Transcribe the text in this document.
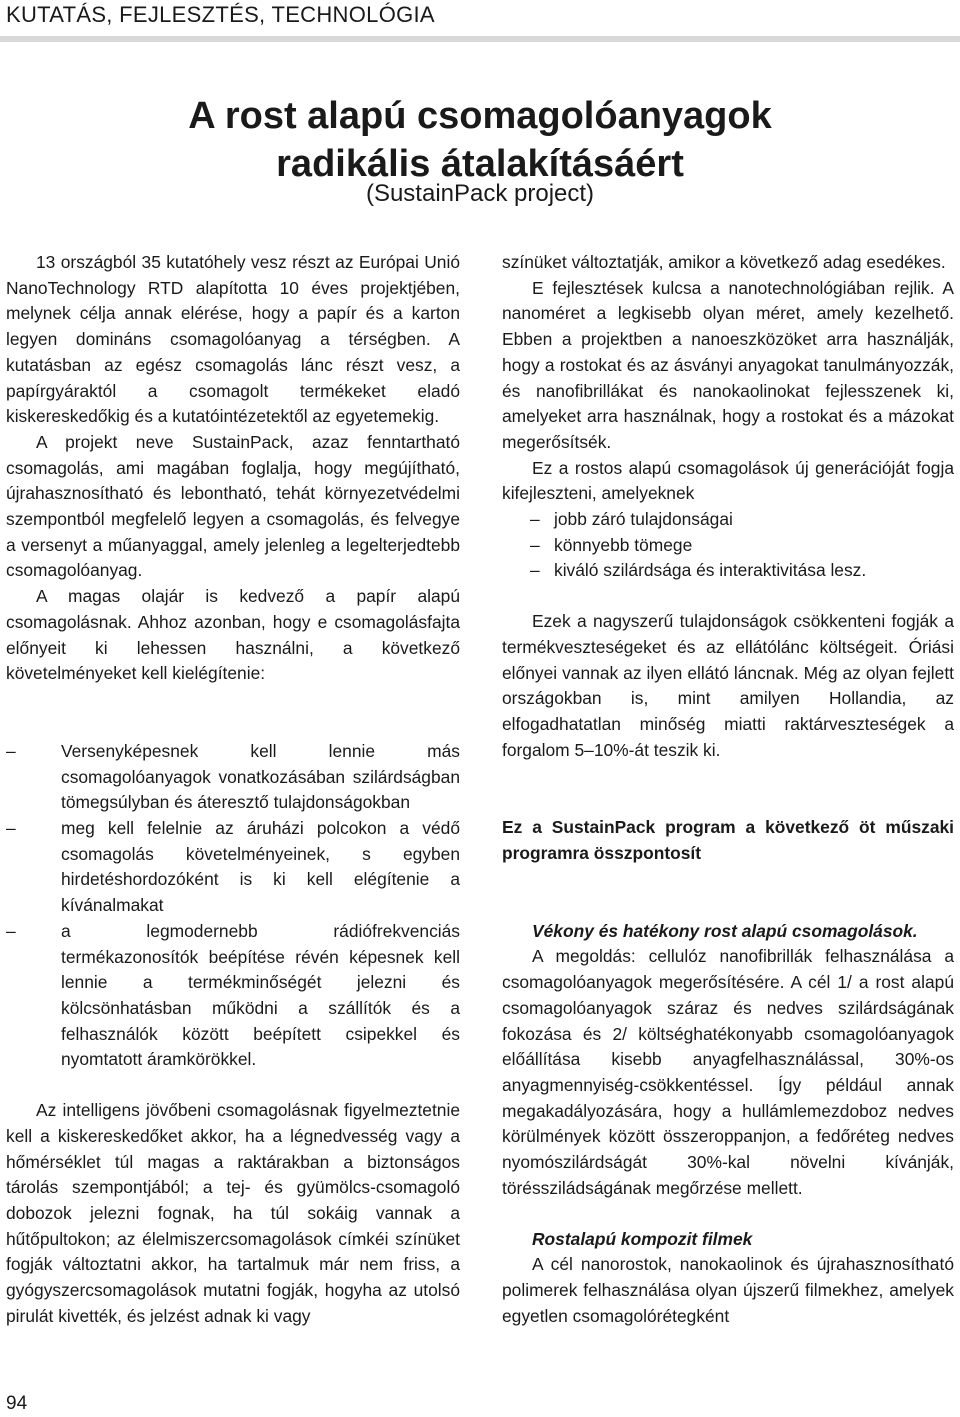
KUTATÁS, FEJLESZTÉS, TECHNOLÓGIA
A rost alapú csomagolóanyagok
radikális átalakításáért
(SustainPack project)

13 országból 35 kutatóhely vesz részt az Európai Unió NanoTechnology RTD alapította 10 éves projektjében, melynek célja annak elérése, hogy a papír és a karton legyen domináns csomagolóanyag a térségben. A kutatásban az egész csomagolás lánc részt vesz, a papírgyáraktól a csomagolt termékeket eladó kiskereskedőkig és a kutatóintézetektől az egyetemekig.

A projekt neve SustainPack, azaz fenntartható csomagolás, ami magában foglalja, hogy megújítható, újrahasznosítható és lebontható, tehát környezetvédelmi szempontból megfelelő legyen a csomagolás, és felvegye a versenyt a műanyaggal, amely jelenleg a legelterjedtebb csomagolóanyag.

A magas olajár is kedvező a papír alapú csomagolásnak. Ahhoz azonban, hogy e csomagolásfajta előnyeit ki lehessen használni, a következő követelményeket kell kielégítenie:

– Versenyképesnek kell lennie más csomagolóanyagok vonatkozásában szilárdságban tömegsúlyban és áteresztő tulajdonságokban

– meg kell felelnie az áruházi polcokon a védő csomagolás követelményeinek, s egyben hirdetéshordozóként is ki kell elégítenie a kívánalmakat

– a legmodernebb rádiófrekvenciás termékazonosítók beépítése révén képesnek kell lennie a termékminőségét jelezni és kölcsönhatásban működni a szállítók és a felhasználók között beépített csipekkel és nyomtatott áramkörökkel.

Az intelligens jövőbeni csomagolásnak figyelmeztetnie kell a kiskereskedőket akkor, ha a légnedvesség vagy a hőmérséklet túl magas a raktárakban a biztonságos tárolás szempontjából; a tej- és gyümölcs-csomagoló dobozok jelezni fognak, ha túl sokáig vannak a hűtőpultokon; az élelmiszercsomagolások címkéi színüket fogják változtatni akkor, ha tartalmuk már nem friss, a gyógyszercsomagolások mutatni fogják, hogyha az utolsó pirulát kivették, és jelzést adnak ki vagy

színüket változtatják, amikor a következő adag esedékes.

E fejlesztések kulcsa a nanotechnológiában rejlik. A nanoméret a legkisebb olyan méret, amely kezelhető. Ebben a projektben a nanoeszközöket arra használják, hogy a rostokat és az ásványi anyagokat tanulmányozzák, és nanofibrillákat és nanokaolinokat fejlesszenek ki, amelyeket arra használnak, hogy a rostokat és a mázokat megerősítsék.

Ez a rostos alapú csomagolások új generációját fogja kifejleszteni, amelyeknek

– jobb záró tulajdonságai

– könnyebb tömege

– kiváló szilárdsága és interaktivitása lesz.

Ezek a nagyszerű tulajdonságok csökkenteni fogják a termékveszteségeket és az ellátólánc költségeit. Óriási előnyei vannak az ilyen ellátó láncnak. Még az olyan fejlett országokban is, mint amilyen Hollandia, az elfogadhatatlan minőség miatti raktárveszteségek a forgalom 5–10%-át teszik ki.

Ez a SustainPack program a következő öt műszaki programra összpontosít

Vékony és hatékony rost alapú csomagolások.

A megoldás: cellulóz nanofibrillák felhasználása a csomagolóanyagok megerősítésére. A cél 1/ a rost alapú csomagolóanyagok száraz és nedves szilárdságának fokozása és 2/ költséghatékonyabb csomagolóanyagok előállítása kisebb anyagfelhasználással, 30%-os anyagmennyiség-csökkentéssel. Így például annak megakadályozására, hogy a hullámlemezdoboz nedves körülmények között összeroppanjon, a fedőréteg nedves nyomószilárdságát 30%-kal növelni kívánják, töréssziládságának megőrzése mellett.

Rostalapú kompozit filmek

A cél nanorostok, nanokaolinok és újrahasznosítható polimerek felhasználása olyan újszerű filmekhez, amelyek egyetlen csomagolórétegként

94
